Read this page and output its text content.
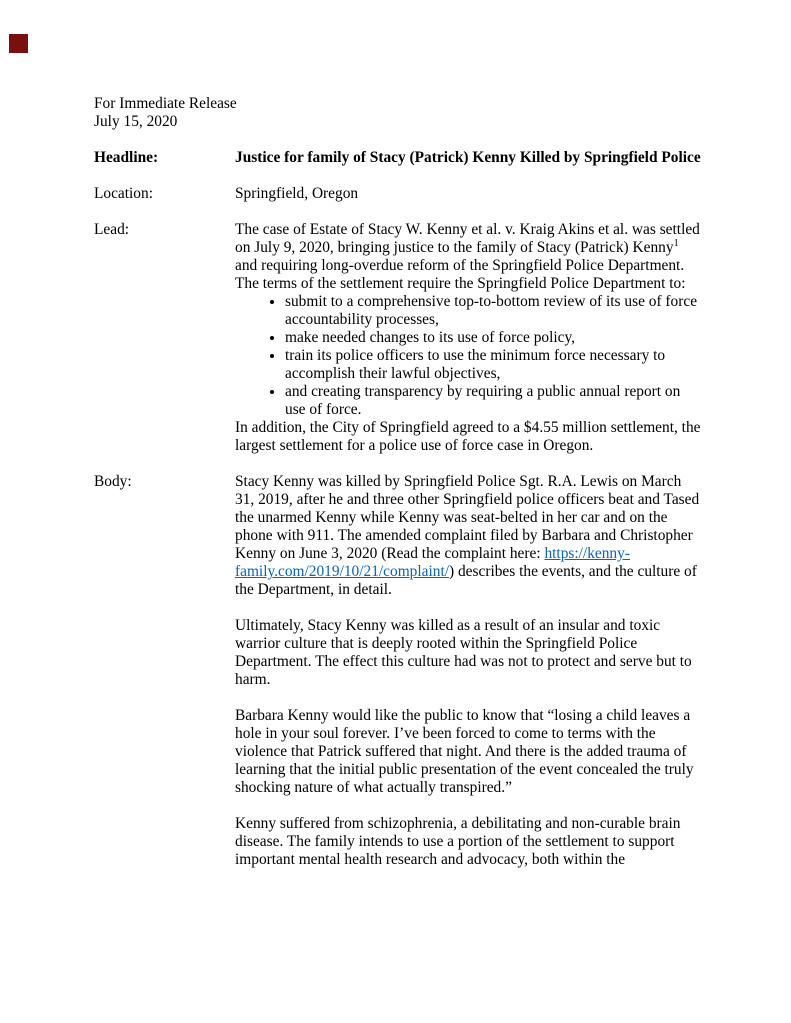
For Immediate Release
July 15, 2020
Headline:	Justice for family of Stacy (Patrick) Kenny Killed by Springfield Police
Location:	Springfield, Oregon
Lead:	The case of Estate of Stacy W. Kenny et al. v. Kraig Akins et al. was settled on July 9, 2020, bringing justice to the family of Stacy (Patrick) Kenny$^1$ and requiring long-overdue reform of the Springfield Police Department. The terms of the settlement require the Springfield Police Department to:
• submit to a comprehensive top-to-bottom review of its use of force accountability processes,
• make needed changes to its use of force policy,
• train its police officers to use the minimum force necessary to accomplish their lawful objectives,
• and creating transparency by requiring a public annual report on use of force.
In addition, the City of Springfield agreed to a $4.55 million settlement, the largest settlement for a police use of force case in Oregon.
Body:	Stacy Kenny was killed by Springfield Police Sgt. R.A. Lewis on March 31, 2019, after he and three other Springfield police officers beat and Tased the unarmed Kenny while Kenny was seat-belted in her car and on the phone with 911. The amended complaint filed by Barbara and Christopher Kenny on June 3, 2020 (Read the complaint here: https://kenny-family.com/2019/10/21/complaint/) describes the events, and the culture of the Department, in detail.

Ultimately, Stacy Kenny was killed as a result of an insular and toxic warrior culture that is deeply rooted within the Springfield Police Department. The effect this culture had was not to protect and serve but to harm.

Barbara Kenny would like the public to know that “losing a child leaves a hole in your soul forever. I’ve been forced to come to terms with the violence that Patrick suffered that night. And there is the added trauma of learning that the initial public presentation of the event concealed the truly shocking nature of what actually transpired.”

Kenny suffered from schizophrenia, a debilitating and non-curable brain disease. The family intends to use a portion of the settlement to support important mental health research and advocacy, both within the
